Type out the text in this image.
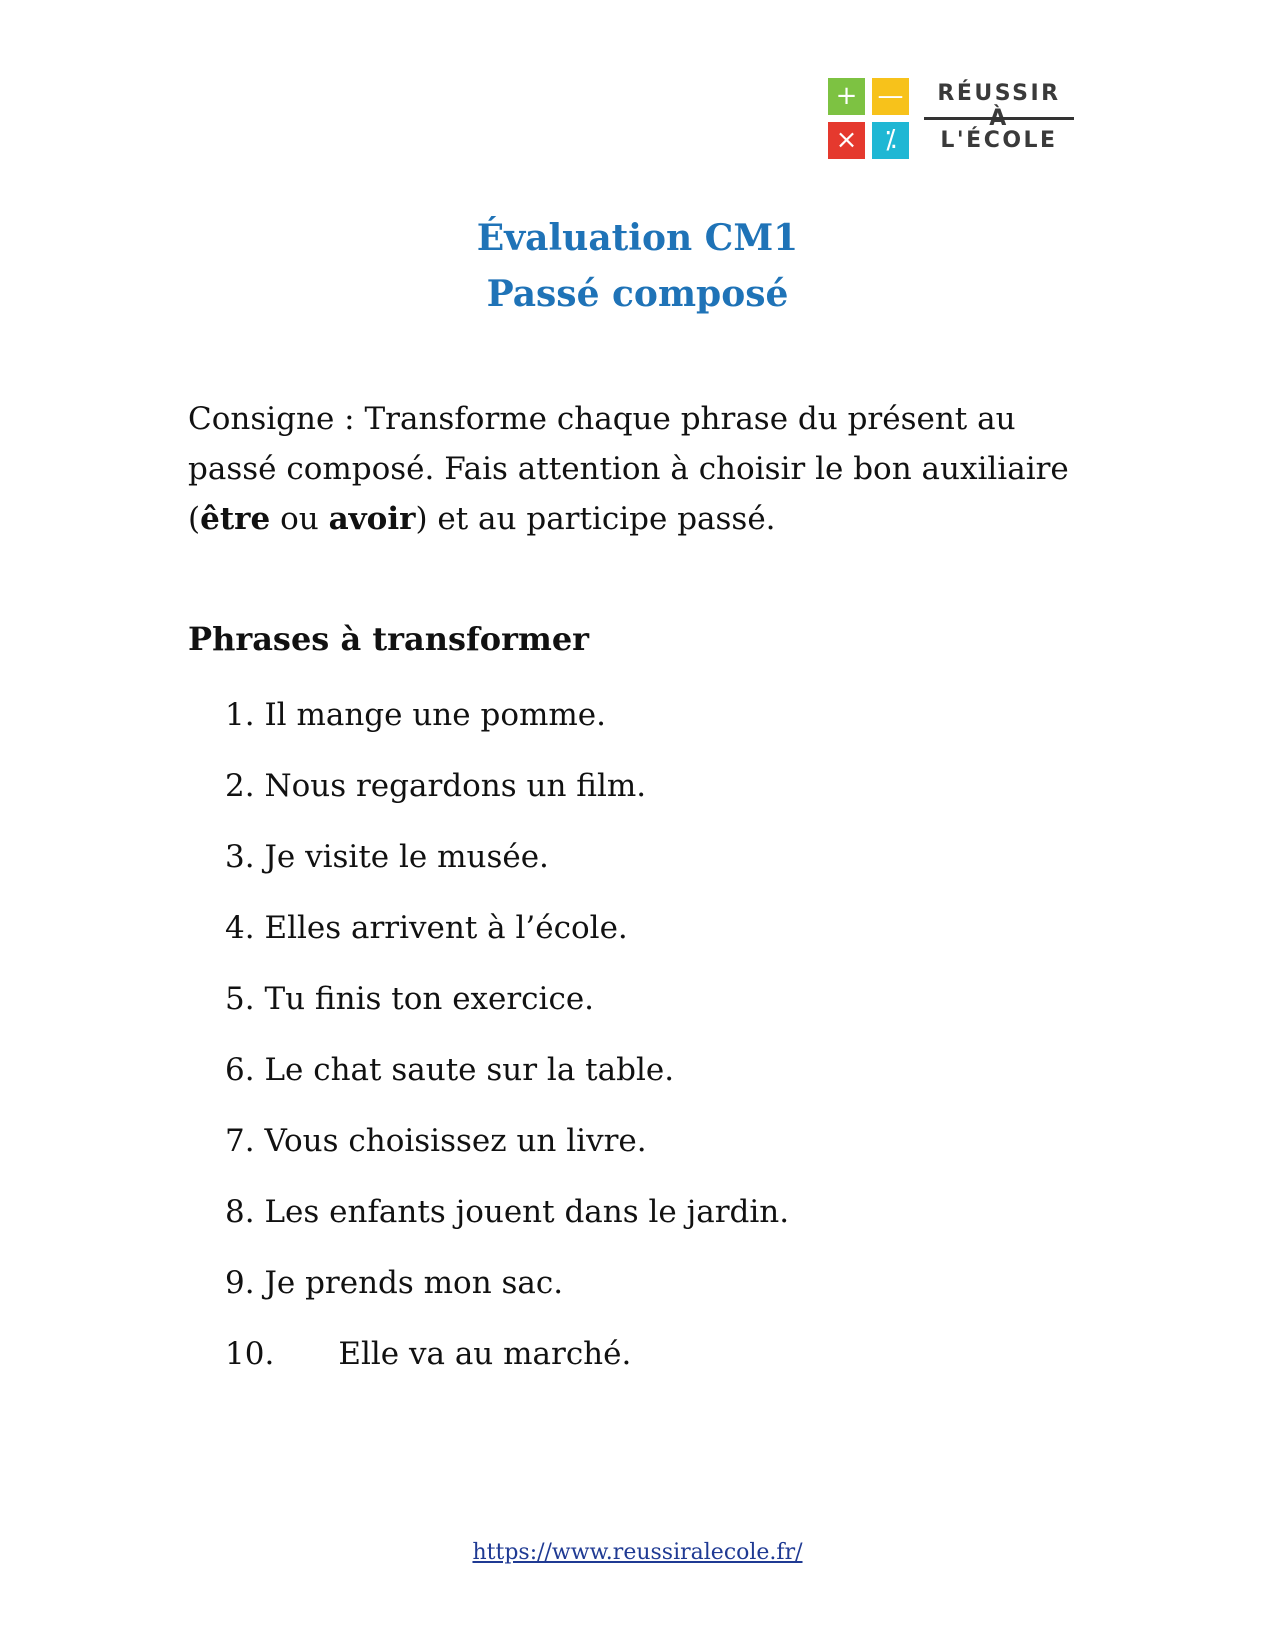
+ —
×	⁒
RÉUSSIR
L'ÉCOLE
Évaluation CM1
Passé composé
Consigne : Transforme chaque phrase du présent au passé composé. Fais attention à choisir le bon auxiliaire (être ou avoir) et au participe passé.
Phrases à transformer
1. Il mange une pomme.
2. Nous regardons un film.
3. Je visite le musée.
4. Elles arrivent à l’école.
5. Tu finis ton exercice.
6. Le chat saute sur la table.
7. Vous choisissez un livre.
8. Les enfants jouent dans le jardin.
9. Je prends mon sac.
10. Elle va au marché.
https://www.reussiralecole.fr/
